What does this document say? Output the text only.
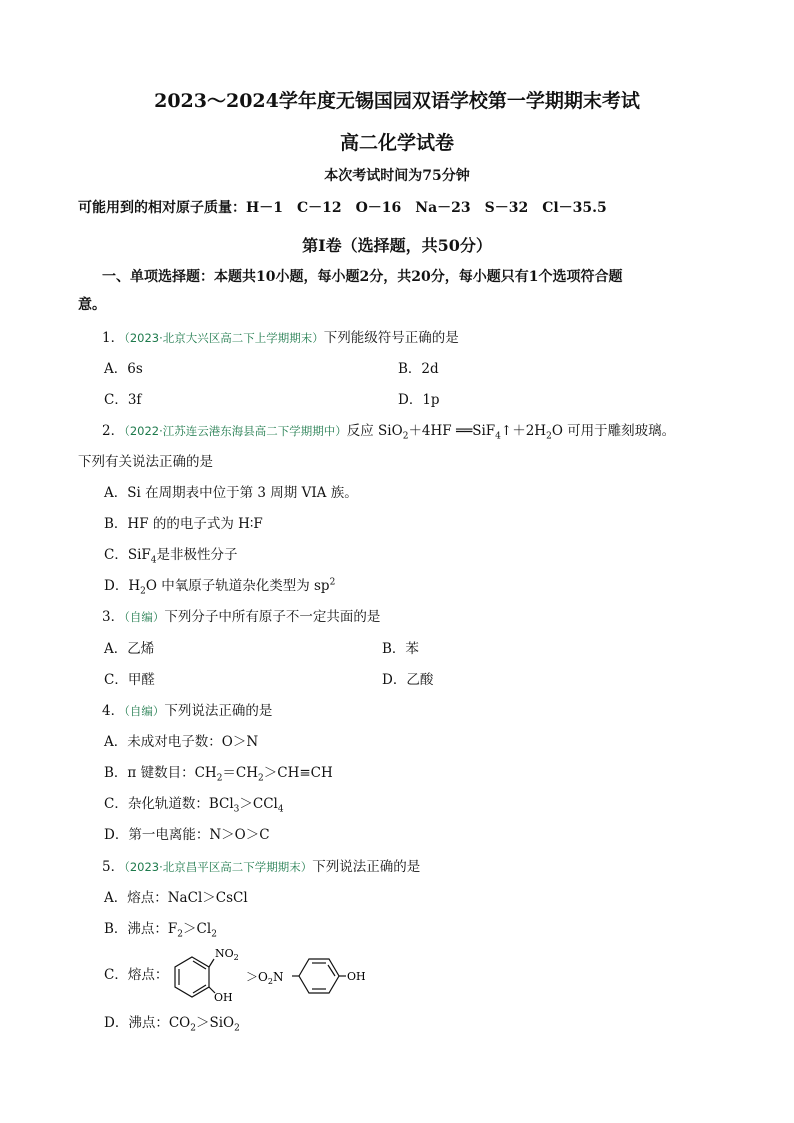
2023～2024学年度无锡国园双语学校第一学期期末考试
高二化学试卷
本次考试时间为75分钟
可能用到的相对原子质量：H－1　C－12　O－16　Na－23　S－32　Cl－35.5
第Ⅰ卷（选择题，共50分）
一、单项选择题：本题共10小题，每小题2分，共20分，每小题只有1个选项符合题
意。
1．（2023·北京大兴区高二下上学期期末）下列能级符号正确的是
A．6s	B．2d
C．3f	D．1p
2．（2022·江苏连云港东海县高二下学期期中）反应 SiO$_2$＋4HF $══SiF_4↑+2H_2O$ 可用于雕刻玻璃。
下列有关说法正确的是
A．Si 在周期表中位于第 3 周期 VIA 族。
B．HF 的的电子式为 H∶F
C．SiF$_4$是非极性分子
D．$H_2O$ 中氧原子轨道杂化类型为 $sp^2$
3．（自编）下列分子中所有原子不一定共面的是
A．乙烯	B．苯
C．甲醛	D．乙酸
4．（自编）下列说法正确的是
A．未成对电子数：O＞N
B．π 键数目：$CH_2=CH_2>CH\equiv CH$
C．杂化轨道数：BCl$_3$＞CCl$_4$
D．第一电离能：N＞O＞C
5．（2023·北京昌平区高二下学期期末）下列说法正确的是
A．熔点：NaCl＞CsCl
B．沸点：$F_2>Cl_2$
C．熔点：
$NO_2$
OH
$>O_2N$	OH
D．沸点：$CO_2>SiO_2$
